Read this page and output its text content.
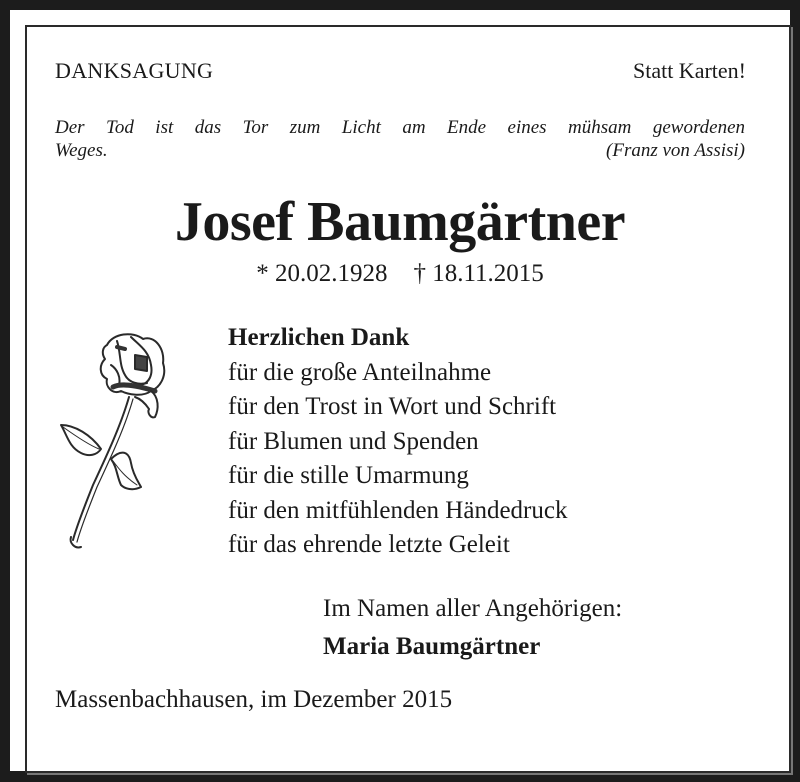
DANKSAGUNG	Statt Karten!
Der Tod ist das Tor zum Licht am Ende eines mühsam gewordenen
Weges.	(Franz von Assisi)
Josef Baumgärtner
* 20.02.1928 † 18.11.2015
Herzlichen Dank
für die große Anteilnahme
für den Trost in Wort und Schrift
für Blumen und Spenden
für die stille Umarmung
für den mitfühlenden Händedruck
für das ehrende letzte Geleit
Im Namen aller Angehörigen:
Maria Baumgärtner
Massenbachhausen, im Dezember 2015
